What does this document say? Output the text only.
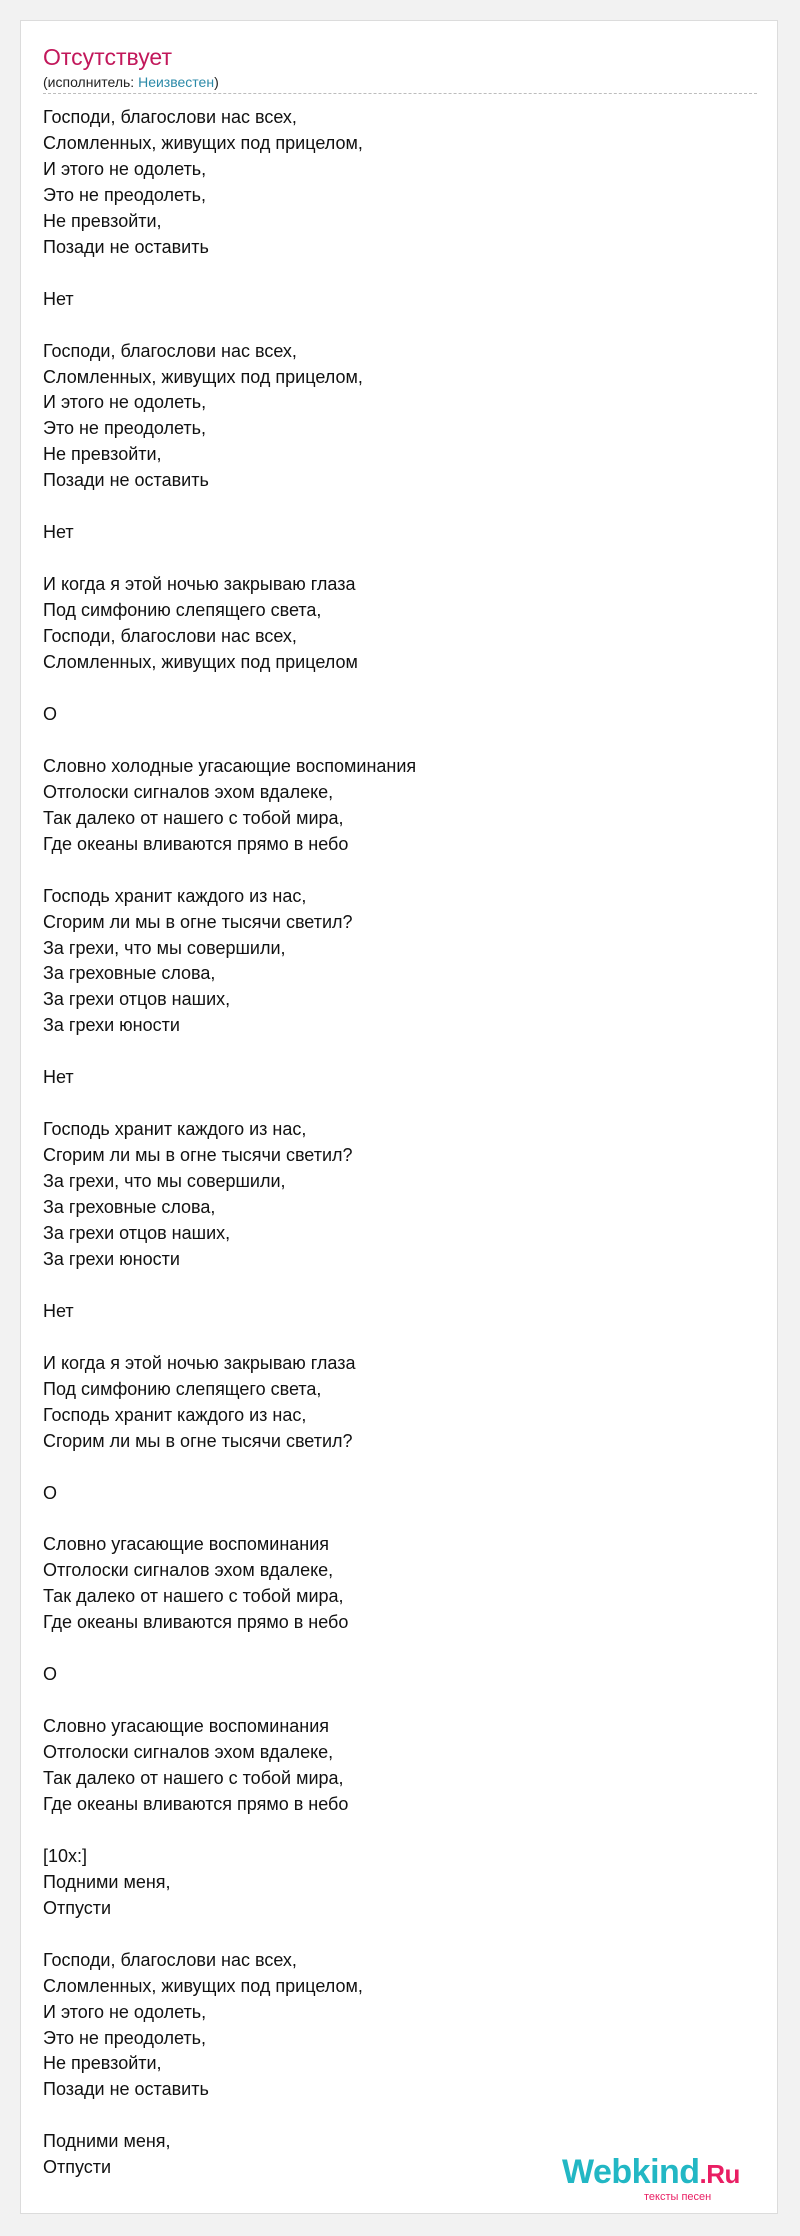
Отсутствует
(исполнитель: Неизвестен)
Господи, благослови нас всех,
Сломленных, живущих под прицелом,
И этого не одолеть,
Это не преодолеть,
Не превзойти,
Позади не оставить

Нет

Господи, благослови нас всех,
Сломленных, живущих под прицелом,
И этого не одолеть,
Это не преодолеть,
Не превзойти,
Позади не оставить

Нет

И когда я этой ночью закрываю глаза
Под симфонию слепящего света,
Господи, благослови нас всех,
Сломленных, живущих под прицелом

О

Словно холодные угасающие воспоминания
Отголоски сигналов эхом вдалеке,
Так далеко от нашего с тобой мира,
Где океаны вливаются прямо в небо

Господь хранит каждого из нас,
Сгорим ли мы в огне тысячи светил?
За грехи, что мы совершили,
За греховные слова,
За грехи отцов наших,
За грехи юности

Нет

Господь хранит каждого из нас,
Сгорим ли мы в огне тысячи светил?
За грехи, что мы совершили,
За греховные слова,
За грехи отцов наших,
За грехи юности

Нет

И когда я этой ночью закрываю глаза
Под симфонию слепящего света,
Господь хранит каждого из нас,
Сгорим ли мы в огне тысячи светил?

О

Словно угасающие воспоминания
Отголоски сигналов эхом вдалеке,
Так далеко от нашего с тобой мира,
Где океаны вливаются прямо в небо

О

Словно угасающие воспоминания
Отголоски сигналов эхом вдалеке,
Так далеко от нашего с тобой мира,
Где океаны вливаются прямо в небо

[10x:]
Подними меня,
Отпусти

Господи, благослови нас всех,
Сломленных, живущих под прицелом,
И этого не одолеть,
Это не преодолеть,
Не превзойти,
Позади не оставить

Подними меня,
Отпусти	Webkind.Ru
тексты песен
